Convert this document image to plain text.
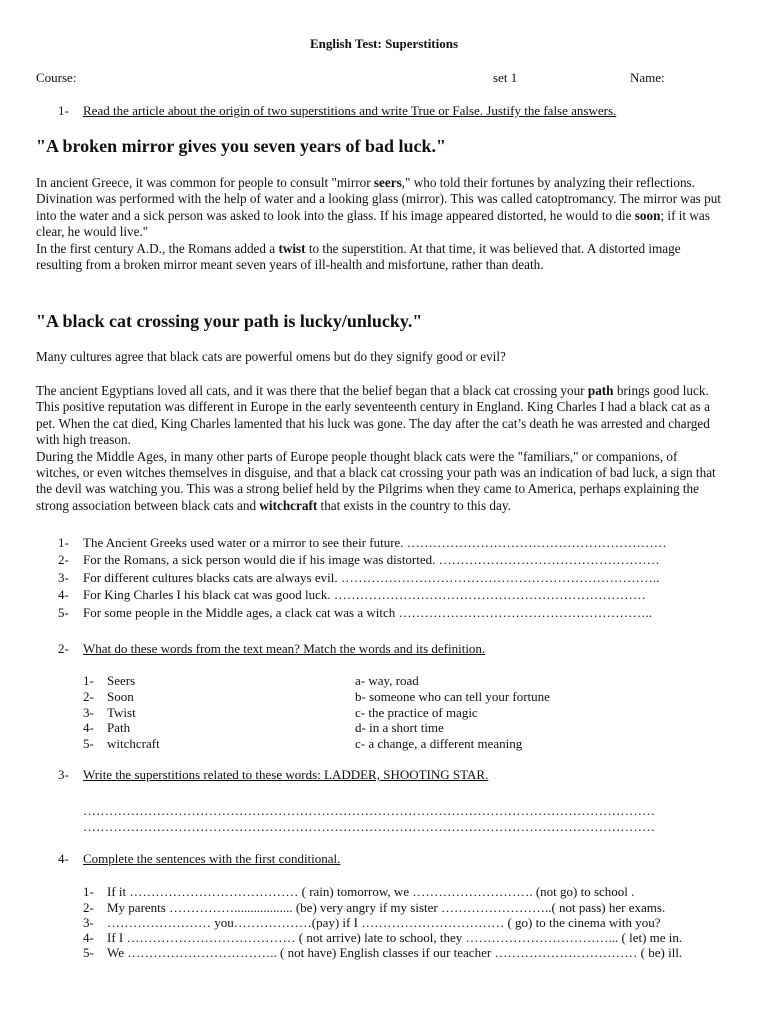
English Test: Superstitions
Course:	set 1	Name:
1- Read the article about the origin of two superstitions and write True or False. Justify the false answers.
"A broken mirror gives you seven years of bad luck."

In ancient Greece, it was common for people to consult "mirror seers," who told their fortunes by analyzing their reflections. Divination was performed with the help of water and a looking glass (mirror). This was called catoptromancy. The mirror was put into the water and a sick person was asked to look into the glass. If his image appeared distorted, he would to die soon; if it was clear, he would live."

In the first century A.D., the Romans added a twist to the superstition. At that time, it was believed that. A distorted image resulting from a broken mirror meant seven years of ill-health and misfortune, rather than death.

"A black cat crossing your path is lucky/unlucky."
Many cultures agree that black cats are powerful omens but do they signify good or evil?

The ancient Egyptians loved all cats, and it was there that the belief began that a black cat crossing your path brings good luck. This positive reputation was different in Europe in the early seventeenth century in England. King Charles I had a black cat as a pet. When the cat died, King Charles lamented that his luck was gone. The day after the cat’s death he was arrested and charged with high treason.

During the Middle Ages, in many other parts of Europe people thought black cats were the "familiars," or companions, of witches, or even witches themselves in disguise, and that a black cat crossing your path was an indication of bad luck, a sign that the devil was watching you. This was a strong belief held by the Pilgrims when they came to America, perhaps explaining the strong association between black cats and witchcraft that exists in the country to this day.

1- The Ancient Greeks used water or a mirror to see their future. ……………………………………………………
2- For the Romans, a sick person would die if his image was distorted. ……………………………………………
3- For different cultures blacks cats are always evil. ………………………………………………………………..
4- For King Charles I his black cat was good luck. ………………………………………………………………
5- For some people in the Middle ages, a clack cat was a witch …………………………………………………..
2- What do these words from the text mean? Match the words and its definition.
1- Seers	a- way, road
2- Soon	b- someone who can tell your fortune
3- Twist	c- the practice of magic
4- Path	d- in a short time
5- witchcraft	c- a change, a different meaning
3- Write the superstitions related to these words: LADDER, SHOOTING STAR.
……………………………………………………………………………………………………………………
……………………………………………………………………………………………………………………
4- Complete the sentences with the first conditional.
1- If it ………………………………… ( rain) tomorrow, we ………………………. (not go) to school .
2- My parents …………….................. (be) very angry if my sister ……………………..( not pass) her exams.
3- …………………… you………………(pay) if I …………………………… ( go) to the cinema with you?
4- If I ………………………………… ( not arrive) late to school, they ……………………………... ( let) me in.
5- We …………………………….. ( not have) English classes if our teacher …………………………… ( be) ill.
